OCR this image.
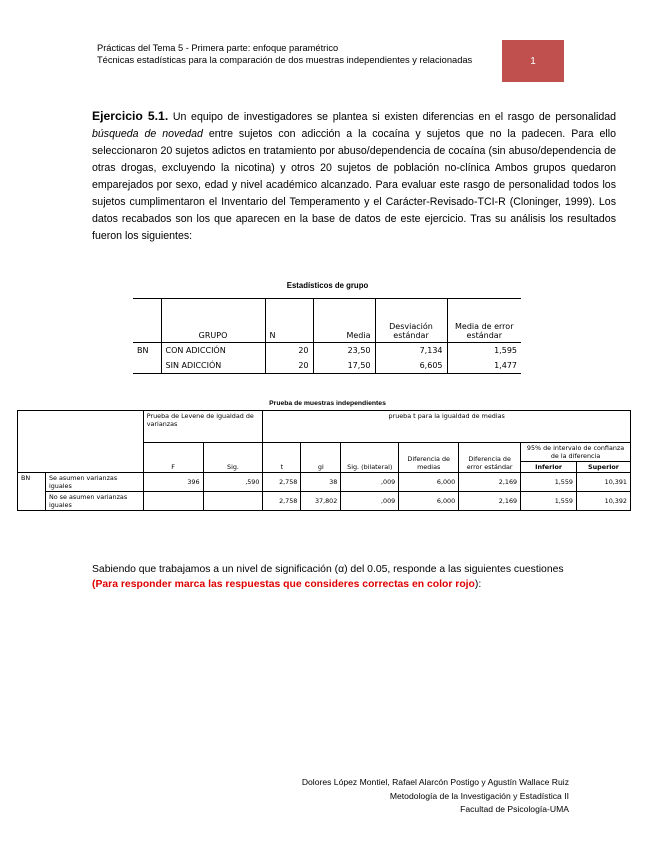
Prácticas del Tema 5 - Primera parte: enfoque paramétrico
Técnicas estadísticas para la comparación de dos muestras independientes y relacionadas	1

Ejercicio 5.1. Un equipo de investigadores se plantea si existen diferencias en el rasgo de personalidad búsqueda de novedad entre sujetos con adicción a la cocaína y sujetos que no la padecen. Para ello seleccionaron 20 sujetos adictos en tratamiento por abuso/dependencia de cocaína (sin abuso/dependencia de otras drogas, excluyendo la nicotina) y otros 20 sujetos de población no-clínica Ambos grupos quedaron emparejados por sexo, edad y nivel académico alcanzado. Para evaluar este rasgo de personalidad todos los sujetos cumplimentaron el Inventario del Temperamento y el Carácter-Revisado-TCI-R (Cloninger, 1999). Los datos recabados son los que aparecen en la base de datos de este ejercicio. Tras su análisis los resultados fueron los siguientes:

Estadísticos de grupo
	GRUPO	N	Media	Desviación estándar	Media de error estándar
BN	CON ADICCIÓN	20	23,50	7,134	1,595
	SIN ADICCIÓN	20	17,50	6,605	1,477
Prueba de muestras independientes
		Prueba de Levene de igualdad de varianzas		prueba t para la igualdad de medias						
		F	Sig.	t	gl	Sig. (bilateral)	Diferencia de medias	Diferencia de error estándar	95% de intervalo de confianza de la diferencia	
									Inferior	Superior
BN	Se asumen varianzas iguales	396	,590	2,758	38	,009	6,000	2,169	1,559	10,391
	No se asumen varianzas iguales			2,758	37,802	,009	6,000	2,169	1,559	10,392
Sabiendo que trabajamos a un nivel de significación (α) del 0.05, responde a las siguientes cuestiones
(Para responder marca las respuestas que consideres correctas en color rojo):
Dolores López Montiel, Rafael Alarcón Postigo y Agustín Wallace Ruiz
Metodología de la Investigación y Estadística II
Facultad de Psicología-UMA
